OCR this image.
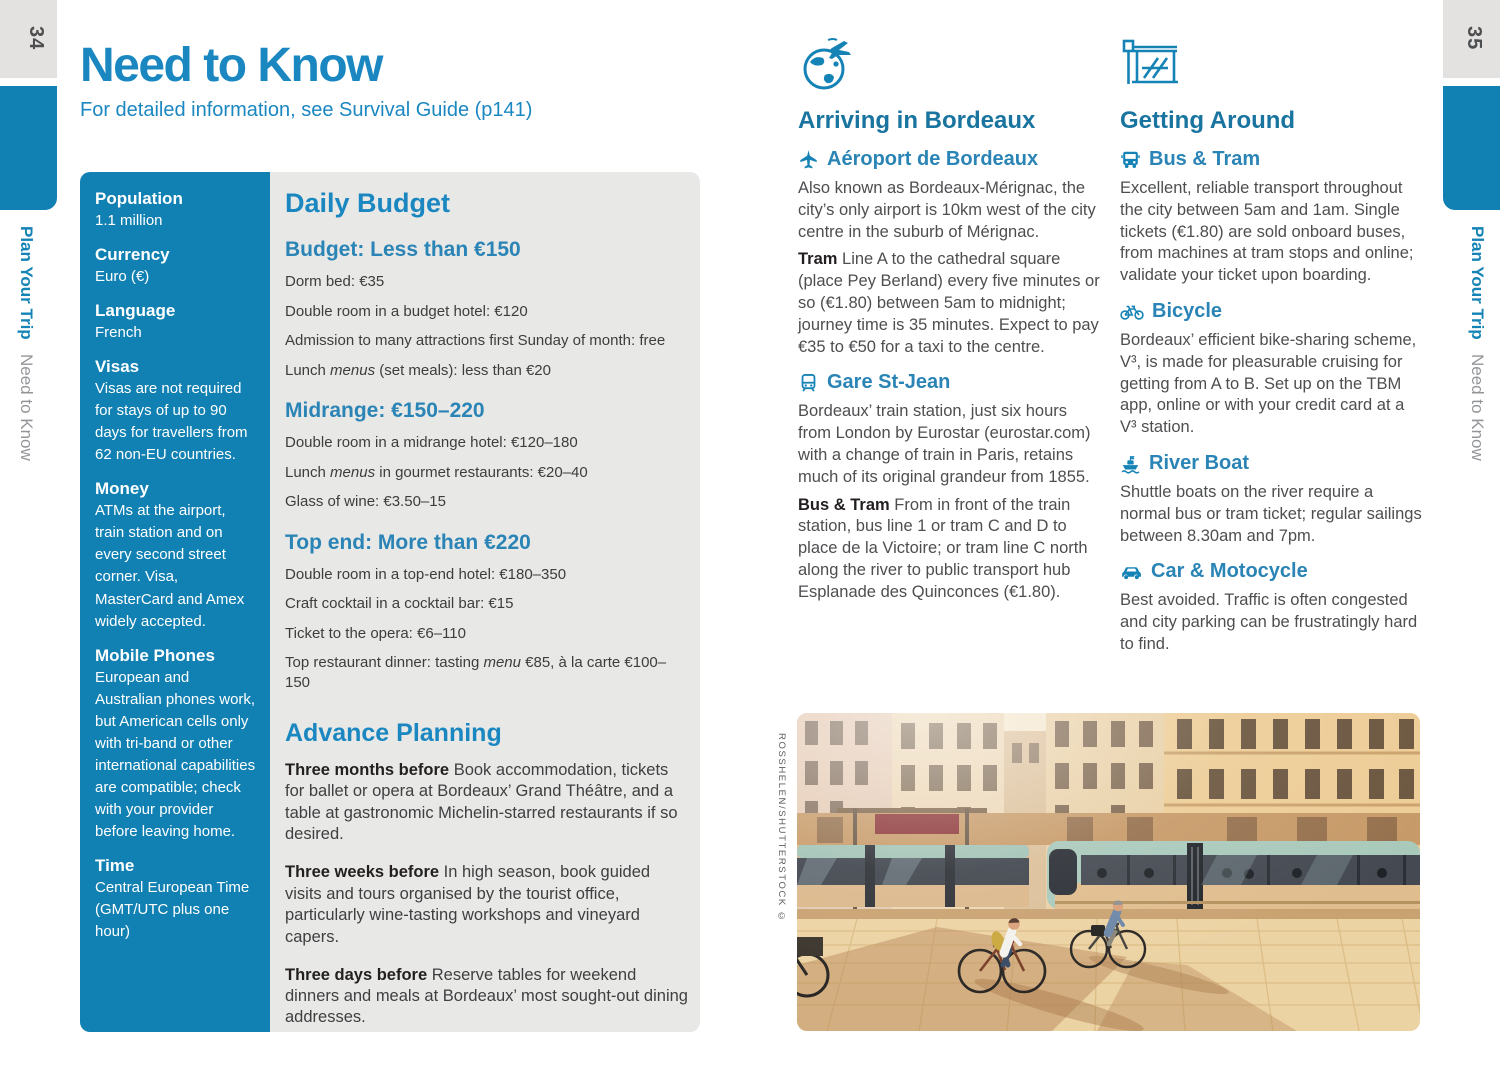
34
Plan Your TripNeed to Know
35
Plan Your TripNeed to Know
Need to Know
For detailed information, see Survival Guide (p141)
Population

1.1 million

Currency

Euro (€)

Language

French

Visas

Visas are not required for stays of up to 90 days for travellers from 62 non-EU countries.

Money

ATMs at the airport, train station and on every second street corner. Visa, MasterCard and Amex widely accepted.

Mobile Phones

European and Australian phones work, but American cells only with tri-band or other international capabilities are compatible; check with your provider before leaving home.

Time

Central European Time (GMT/UTC plus one hour)

Daily Budget
Budget: Less than €150
Dorm bed: €35
Double room in a budget hotel: €120
Admission to many attractions first Sunday of month: free
Lunch menus (set meals): less than €20
Midrange: €150–220
Double room in a midrange hotel: €120–180
Lunch menus in gourmet restaurants: €20–40
Glass of wine: €3.50–15
Top end: More than €220
Double room in a top-end hotel: €180–350
Craft cocktail in a cocktail bar: €15
Ticket to the opera: €6–110
Top restaurant dinner: tasting menu €85, à la carte €100–150
Advance Planning

Three months before Book accommodation, tickets for ballet or opera at Bordeaux’ Grand Théâtre, and a table at gastronomic Michelin-starred restaurants if so desired.

Three weeks before In high season, book guided visits and tours organised by the tourist office, particularly wine-tasting workshops and vineyard capers.

Three days before Reserve tables for weekend dinners and meals at Bordeaux’ most sought-out dining addresses.

Arriving in Bordeaux
Aéroport de Bordeaux

Also known as Bordeaux-Mérignac, the city’s only airport is 10km west of the city centre in the suburb of Mérignac.

Tram Line A to the cathedral square (place Pey Berland) every five minutes or so (€1.80) between 5am to midnight; journey time is 35 minutes. Expect to pay €35 to €50 for a taxi to the centre.

Gare St-Jean

Bordeaux’ train station, just six hours from London by Eurostar (eurostar.com) with a change of train in Paris, retains much of its original grandeur from 1855.

Bus & Tram From in front of the train station, bus line 1 or tram C and D to place de la Victoire; or tram line C north along the river to public transport hub Esplanade des Quinconces (€1.80).

Getting Around
Bus & Tram

Excellent, reliable transport throughout the city between 5am and 1am. Single tickets (€1.80) are sold onboard buses, from machines at tram stops and online; validate your ticket upon boarding.

Bicycle

Bordeaux’ efficient bike-sharing scheme, V³, is made for pleasurable cruising for getting from A to B. Set up on the TBM app, online or with your credit card at a V³ station.

River Boat

Shuttle boats on the river require a normal bus or tram ticket; regular sailings between 8.30am and 7pm.

Car & Motocycle

Best avoided. Traffic is often congested and city parking can be frustratingly hard to find.

ROSSHELEN/SHUTTERSTOCK ©
